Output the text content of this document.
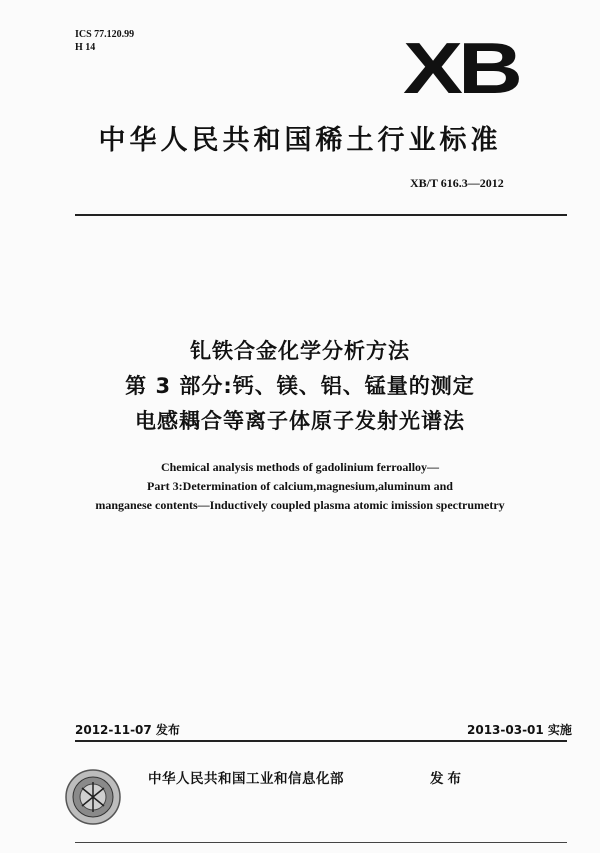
ICS 77.120.99
H 14	XB
中华人民共和国稀土行业标准
XB/T 616.3—2012
钆铁合金化学分析方法
第 3 部分:钙、镁、铝、锰量的测定
电感耦合等离子体原子发射光谱法
Chemical analysis methods of gadolinium ferroalloy—
Part 3:Determination of calcium,magnesium,aluminum and
manganese contents—Inductively coupled plasma atomic imission spectrumetry
2012-11-07 发布	2013-03-01 实施
中华人民共和国工业和信息化部	发布
